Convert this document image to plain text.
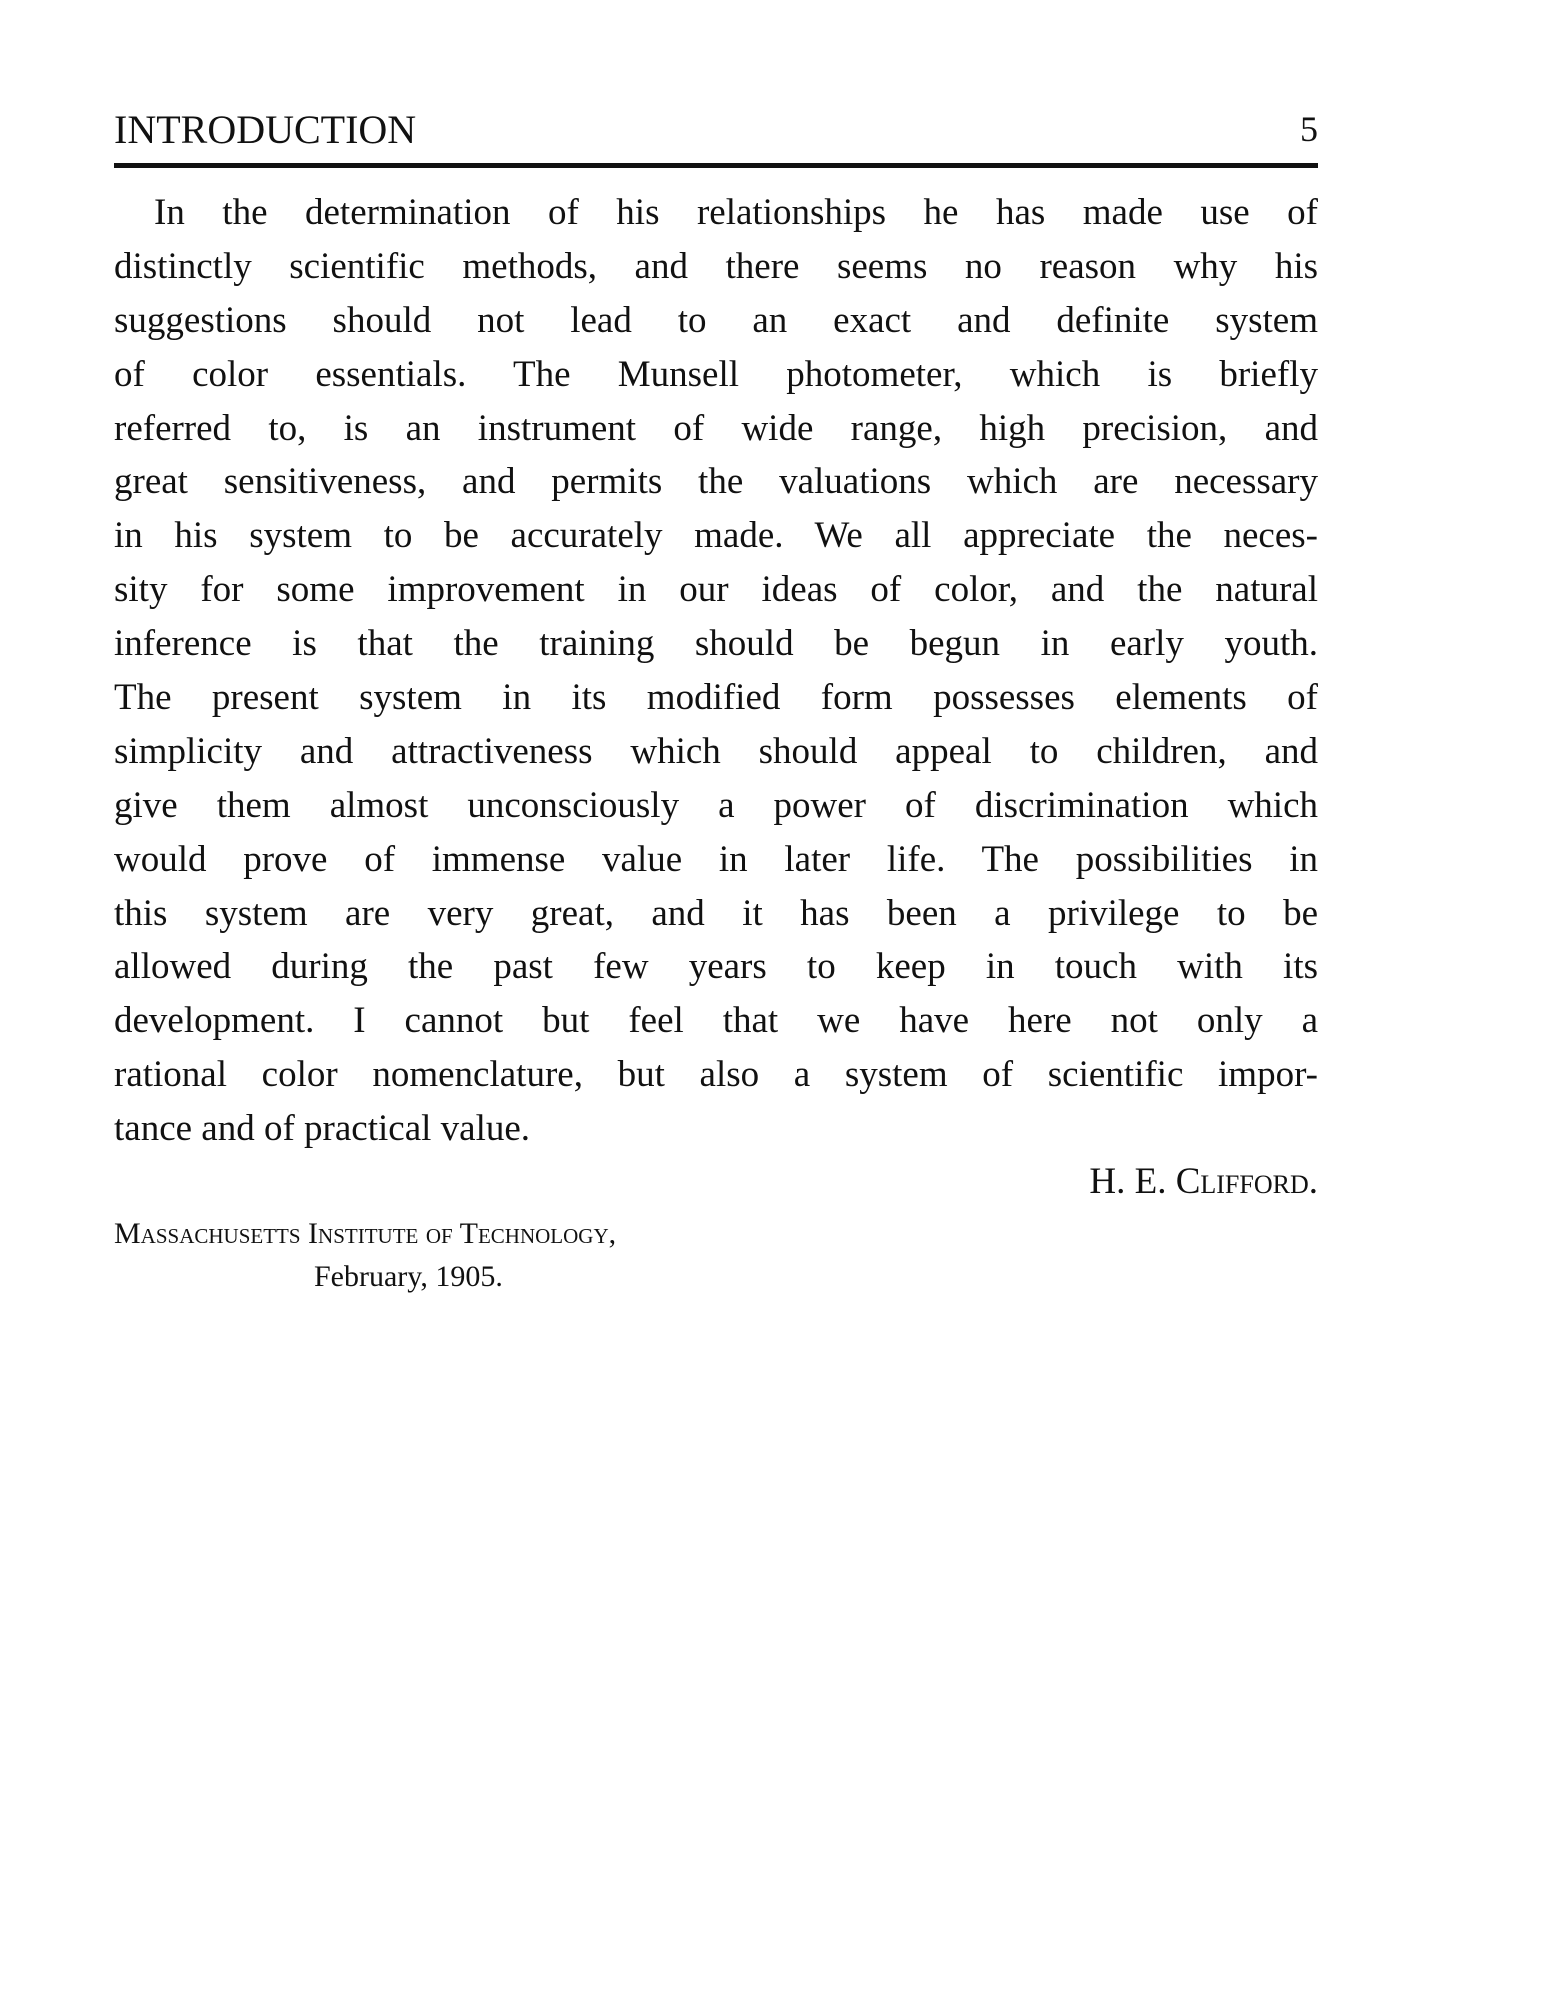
INTRODUCTION	5
In the determination of his relationships he has made use of
distinctly scientific methods, and there seems no reason why his
suggestions should not lead to an exact and definite system
of color essentials. The Munsell photometer, which is briefly
referred to, is an instrument of wide range, high precision, and
great sensitiveness, and permits the valuations which are necessary
in his system to be accurately made. We all appreciate the neces-
sity for some improvement in our ideas of color, and the natural
inference is that the training should be begun in early youth.
The present system in its modified form possesses elements of
simplicity and attractiveness which should appeal to children, and
give them almost unconsciously a power of discrimination which
would prove of immense value in later life. The possibilities in
this system are very great, and it has been a privilege to be
allowed during the past few years to keep in touch with its
development. I cannot but feel that we have here not only a
rational color nomenclature, but also a system of scientific impor-
tance and of practical value.
H. E. Clifford.
Massachusetts Institute of Technology,
February, 1905.
